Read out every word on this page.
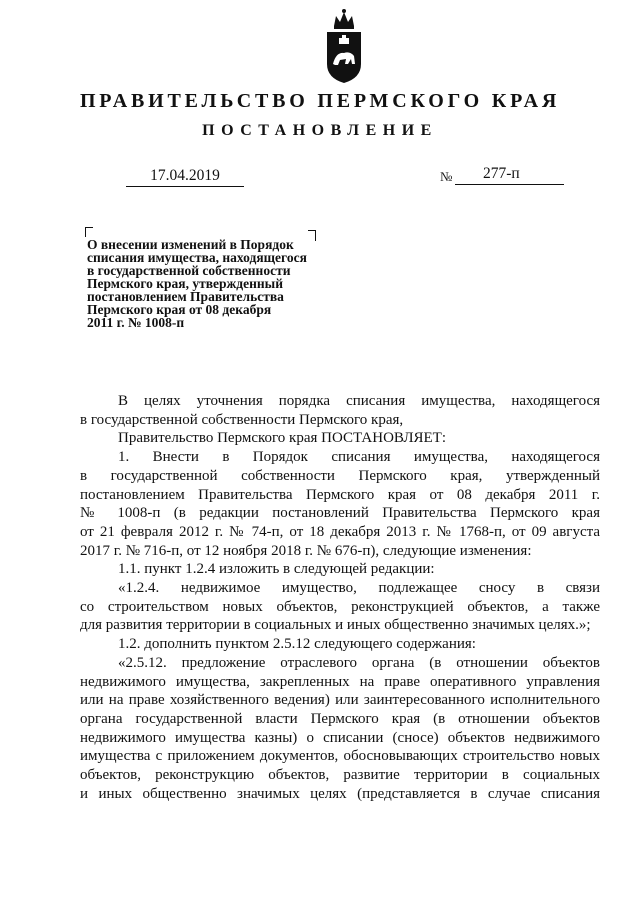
ПРАВИТЕЛЬСТВО ПЕРМСКОГО КРАЯ
ПОСТАНОВЛЕНИЕ
17.04.2019	№	277-п
О внесении изменений в Порядок
списания имущества, находящегося
в государственной собственности
Пермского края, утвержденный
постановлением Правительства
Пермского края от 08 декабря
2011 г. № 1008-п
В целях уточнения порядка списания имущества, находящегося
в государственной собственности Пермского края,
Правительство Пермского края ПОСТАНОВЛЯЕТ:
1. Внести в Порядок списания имущества, находящегося
в государственной собственности Пермского края, утвержденный
постановлением Правительства Пермского края от 08 декабря 2011 г.
№ 1008-п (в редакции постановлений Правительства Пермского края
от 21 февраля 2012 г. № 74-п, от 18 декабря 2013 г. № 1768-п, от 09 августа
2017 г. № 716-п, от 12 ноября 2018 г. № 676-п), следующие изменения:
1.1. пункт 1.2.4 изложить в следующей редакции:
«1.2.4. недвижимое имущество, подлежащее сносу в связи
со строительством новых объектов, реконструкцией объектов, а также
для развития территории в социальных и иных общественно значимых целях.»;
1.2. дополнить пунктом 2.5.12 следующего содержания:
«2.5.12. предложение отраслевого органа (в отношении объектов
недвижимого имущества, закрепленных на праве оперативного управления
или на праве хозяйственного ведения) или заинтересованного исполнительного
органа государственной власти Пермского края (в отношении объектов
недвижимого имущества казны) о списании (сносе) объектов недвижимого
имущества с приложением документов, обосновывающих строительство новых
объектов, реконструкцию объектов, развитие территории в социальных
и иных общественно значимых целях (представляется в случае списания
